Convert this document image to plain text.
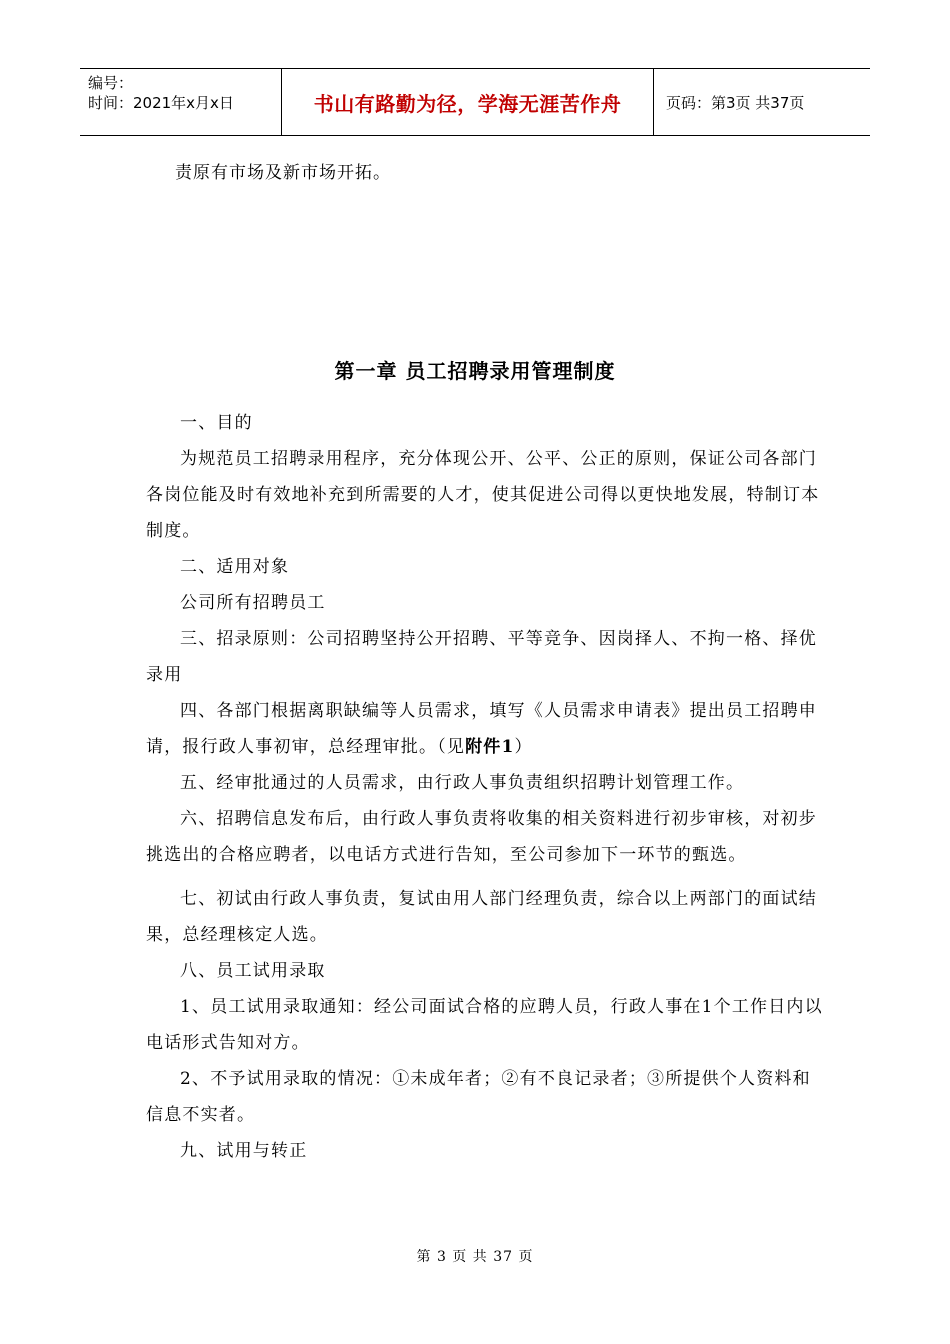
编号：
时间：2021年x月x日	书山有路勤为径，学海无涯苦作舟	页码：第3页 共37页
责原有市场及新市场开拓。
第一章 员工招聘录用管理制度

一、目的

为规范员工招聘录用程序，充分体现公开、公平、公正的原则，保证公司各部门各岗位能及时有效地补充到所需要的人才，使其促进公司得以更快地发展，特制订本制度。

二、适用对象

公司所有招聘员工

三、招录原则：公司招聘坚持公开招聘、平等竞争、因岗择人、不拘一格、择优录用

四、各部门根据离职缺编等人员需求，填写《人员需求申请表》提出员工招聘申请，报行政人事初审，总经理审批。（见附件1）

五、经审批通过的人员需求，由行政人事负责组织招聘计划管理工作。

六、招聘信息发布后，由行政人事负责将收集的相关资料进行初步审核，对初步挑选出的合格应聘者，以电话方式进行告知，至公司参加下一环节的甄选。

七、初试由行政人事负责，复试由用人部门经理负责，综合以上两部门的面试结果，总经理核定人选。

八、员工试用录取

1、员工试用录取通知：经公司面试合格的应聘人员，行政人事在1个工作日内以电话形式告知对方。

2、不予试用录取的情况：①未成年者；②有不良记录者；③所提供个人资料和信息不实者。

九、试用与转正

第 3 页 共 37 页
